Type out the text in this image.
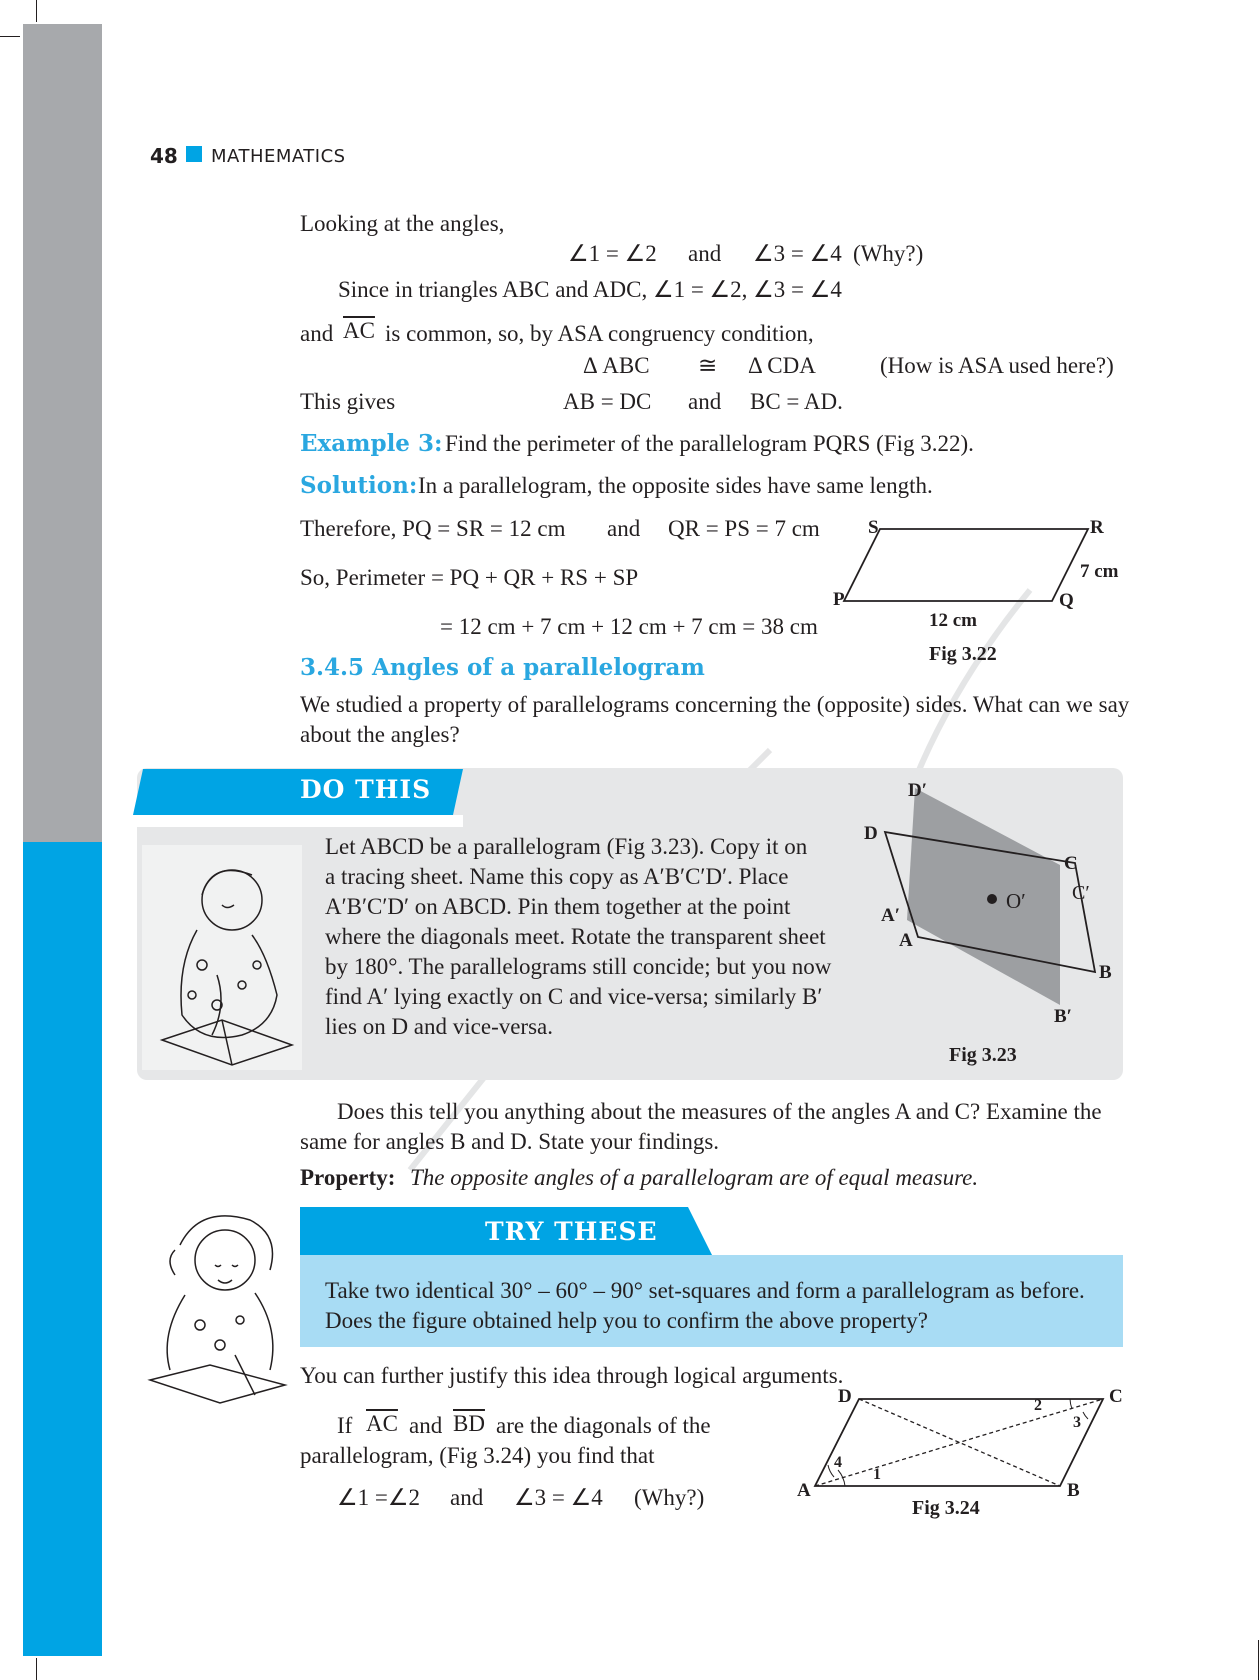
48 MATHEMATICS
Looking at the angles,
∠1 = ∠2 and ∠3 = ∠4 (Why?)
Since in triangles ABC and ADC, ∠1 = ∠2, ∠3 = ∠4
and $\overline{AC}$ is common, so, by ASA congruency condition,
Δ ABC ≅ Δ CDA	(How is ASA used here?)
This gives	AB = DC and BC = AD.
Example 3: Find the perimeter of the parallelogram PQRS (Fig 3.22).
Solution: In a parallelogram, the opposite sides have same length.
Therefore, PQ = SR = 12 cm and QR = PS = 7 cm
So, Perimeter = PQ + QR + RS + SP
= 12 cm + 7 cm + 12 cm + 7 cm = 38 cm
S	R
P	Q
7 cm
12 cm
Fig 3.22
3.4.5 Angles of a parallelogram
We studied a property of parallelograms concerning the (opposite) sides. What can we say about the angles?
DO THIS
Let ABCD be a parallelogram (Fig 3.23). Copy it on
a tracing sheet. Name this copy as A′B′C′D′. Place
A′B′C′D′ on ABCD. Pin them together at the point
where the diagonals meet. Rotate the transparent sheet
by 180°. The parallelograms still concide; but you now
find A′ lying exactly on C and vice-versa; similarly B′
lies on D and vice-versa.
D′
D
C
C′
A′
A
B
B′
O′
Fig 3.23
Does this tell you anything about the measures of the angles A and C? Examine the
same for angles B and D. State your findings.
Property: The opposite angles of a parallelogram are of equal measure.
TRY THESE
Take two identical 30° – 60° – 90° set-squares and form a parallelogram as before.
Does the figure obtained help you to confirm the above property?
You can further justify this idea through logical arguments.
If $\overline{AC}$ and $\overline{BD}$ are the diagonals of the
parallelogram, (Fig 3.24) you find that
∠1 =∠2 and ∠3 = ∠4 (Why?)
D	C
A	B
1
2
3
4
Fig 3.24
